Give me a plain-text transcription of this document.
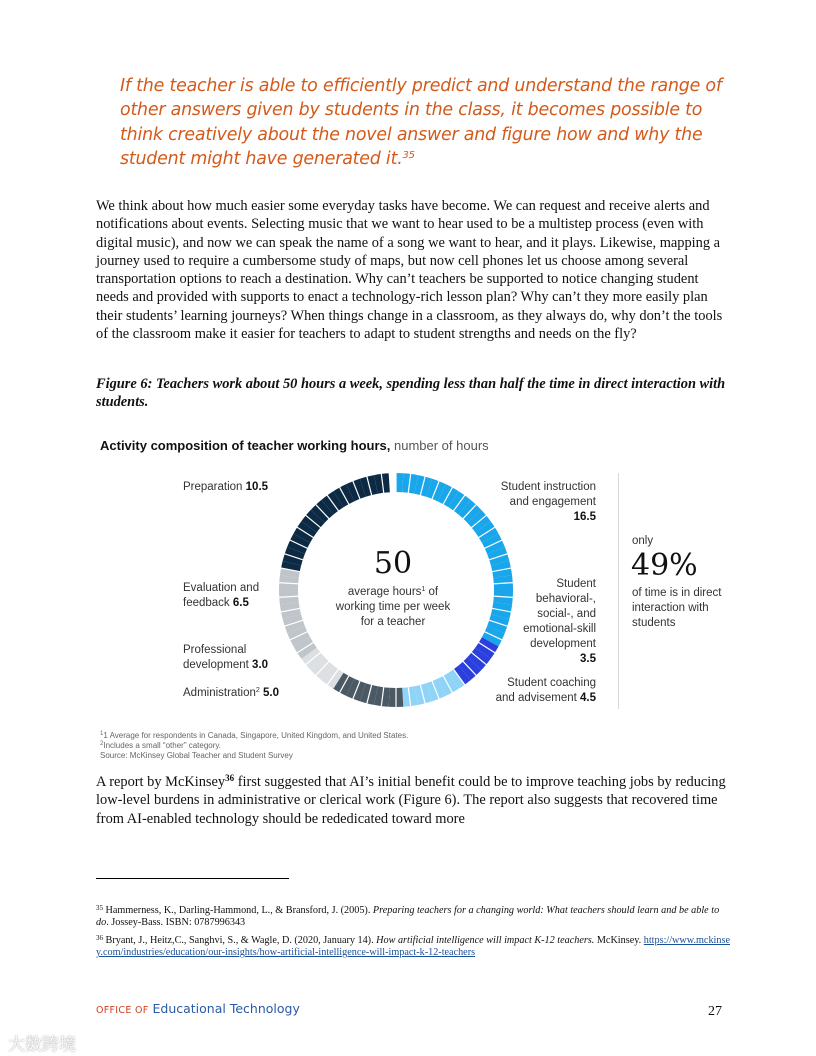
If the teacher is able to efficiently predict and understand the range of other answers given by students in the class, it becomes possible to think creatively about the novel answer and figure how and why the student might have generated it.$^{35}$
We think about how much easier some everyday tasks have become. We can request and receive alerts and notifications about events. Selecting music that we want to hear used to be a multistep process (even with digital music), and now we can speak the name of a song we want to hear, and it plays. Likewise, mapping a journey used to require a cumbersome study of maps, but now cell phones let us choose among several transportation options to reach a destination. Why can’t teachers be supported to notice changing student needs and provided with supports to enact a technology-rich lesson plan? Why can’t they more easily plan their students’ learning journeys? When things change in a classroom, as they always do, why don’t the tools of the classroom make it easier for teachers to adapt to student strengths and needs on the fly?
Figure 6: Teachers work about 50 hours a week, spending less than half the time in direct interaction with students.
Activity composition of teacher working hours, number of hours
50
average hours$^1$ of working time per week for a teacher
Preparation 10.5
Evaluation and feedback 6.5
Professional development 3.0
Administration$^2$ 5.0
Student instruction and engagement
16.5
Student behavioral-, social-, and emotional-skill development
3.5
Student coaching and advisement 4.5
only
49%
of time is in direct interaction with students
$^1$1 Average for respondents in Canada, Singapore, United Kingdom, and United States.
$^2$Includes a small “other” category.
Source: McKinsey Global Teacher and Student Survey
A report by McKinsey$^{36}$ first suggested that AI’s initial benefit could be to improve teaching jobs by reducing low-level burdens in administrative or clerical work (Figure 6). The report also suggests that recovered time from AI-enabled technology should be rededicated toward more
$^{35}$ Hammerness, K., Darling-Hammond, L., & Bransford, J. (2005). Preparing teachers for a changing world: What teachers should learn and be able to do. Jossey-Bass. ISBN: 0787996343
$^{36}$ Bryant, J., Heitz,C., Sanghvi, S., & Wagle, D. (2020, January 14). How artificial intelligence will impact K-12 teachers. McKinsey. https://www.mckinsey.com/industries/education/our-insights/how-artificial-intelligence-will-impact-k-12-teachers
OFFICE OF Educational Technology	27
大数跨境
